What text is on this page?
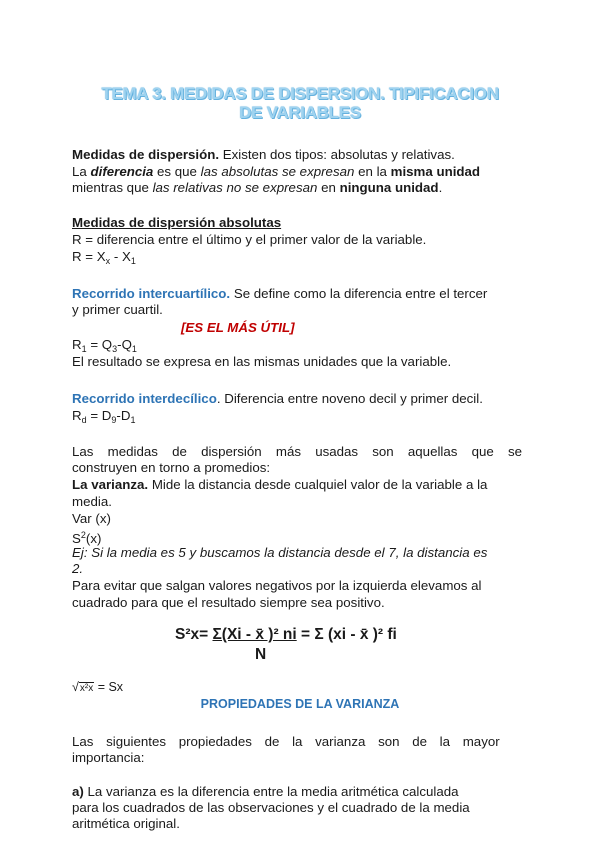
TEMA 3. MEDIDAS DE DISPERSION. TIPIFICACION
DE VARIABLES
Medidas de dispersión. Existen dos tipos: absolutas y relativas.
La diferencia es que las absolutas se expresan en la misma unidad
mientras que las relativas no se expresan en ninguna unidad.
Medidas de dispersión absolutas
R = diferencia entre el último y el primer valor de la variable.
$R = X_x - X_1$
Recorrido intercuartílico. Se define como la diferencia entre el tercer
y primer cuartil.
[ES EL MÁS ÚTIL]
$R_1 = Q_3-Q_1$
El resultado se expresa en las mismas unidades que la variable.
Recorrido interdecílico. Diferencia entre noveno decil y primer decil.
$R_d = D_9-D_1$
Las medidas de dispersión más usadas son aquellas que se
construyen en torno a promedios:
La varianza. Mide la distancia desde cualquiel valor de la variable a la
media.
Var (x)
$S^2(x)$
Ej: Si la media es 5 y buscamos la distancia desde el 7, la distancia es
2.
Para evitar que salgan valores negativos por la izquierda elevamos al
cuadrado para que el resultado siempre sea positivo.
S²x= Σ(Xi - x̄ )² ni = Σ (xi - x̄ )² fi
N
√x²x = Sx
PROPIEDADES DE LA VARIANZA
Las siguientes propiedades de la varianza son de la mayor
importancia:
a) La varianza es la diferencia entre la media aritmética calculada
para los cuadrados de las observaciones y el cuadrado de la media
aritmética original.
